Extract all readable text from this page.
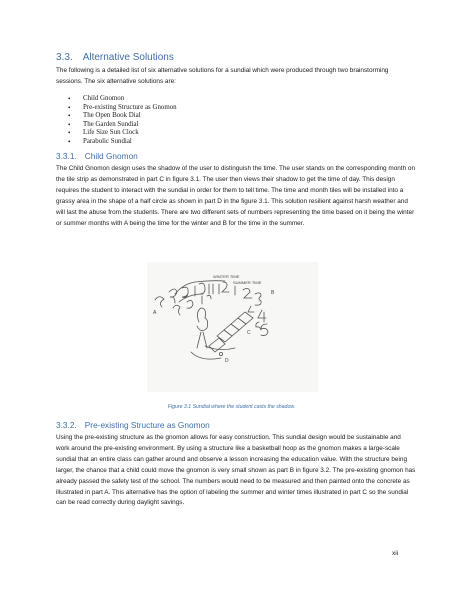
3.3. Alternative Solutions

The following is a detailed list of six alternative solutions for a sundial which were produced through two brainstorming sessions. The six alternative solutions are:

• Child Gnomon
• Pre-existing Structure as Gnomon
• The Open Book Dial
• The Garden Sundial
• Life Size Sun Clock
• Parabolic Sundial
3.3.1. Child Gnomon

The Child Gnomon design uses the shadow of the user to distinguish the time. The user stands on the corresponding month on the tile strip as demonstrated in part C in figure 3.1. The user then views their shadow to get the time of day. This design requires the student to interact with the sundial in order for them to tell time. The time and month tiles will be installed into a grassy area in the shape of a half circle as shown in part D in the figure 3.1. This solution resilient against harsh weather and will last the abuse from the students. There are two different sets of numbers representing the time based on it being the winter or summer months with A being the time for the winter and B for the time in the summer.

WINTER TIME
SUMMER TIME
A
B
C
D
Figure 3.1 Sundial where the student casts the shadow.
3.3.2. Pre-existing Structure as Gnomon

Using the pre-existing structure as the gnomon allows for easy construction. This sundial design would be sustainable and work around the pre-existing environment. By using a structure like a basketball hoop as the gnomon makes a large-scale sundial that an entire class can gather around and observe a lesson increasing the education value. With the structure being larger, the chance that a child could move the gnomon is very small shown as part B in figure 3.2. The pre-existing gnomon has already passed the safety test of the school. The numbers would need to be measured and then painted onto the concrete as illustrated in part A. This alternative has the option of labeling the summer and winter times illustrated in part C so the sundial can be read correctly during daylight savings.

xii
